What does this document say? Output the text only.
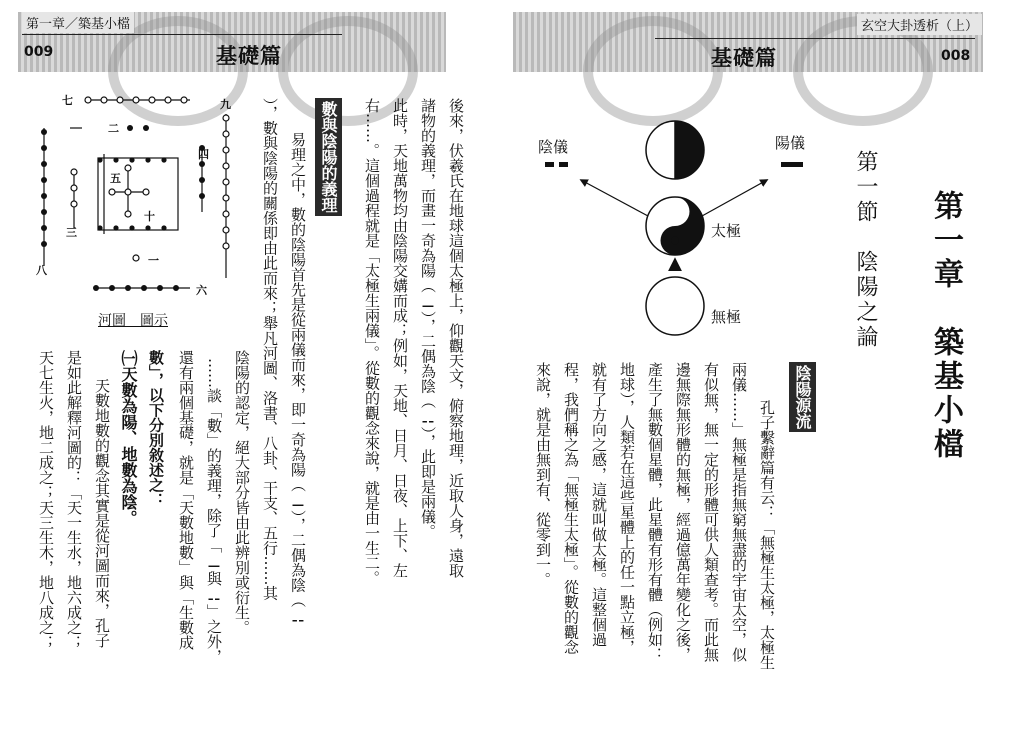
第一章／築基小檔
009	基礎篇
後來，伏羲氏在地球這個太極上，仰觀天文，俯察地理，近取人身，遠取
諸物的義理，而畫一奇為陽（⚊），二偶為陰（⚋），此即是兩儀。
此時，天地萬物均由陰陽交媾而成；例如，天地、日月、日夜、上下、左
右……。這個過程就是「太極生兩儀」。從數的觀念來說，就是由一生二。
數與陰陽的義理
易理之中，數的陰陽首先是從兩儀而來，即一奇為陽（⚊），二偶為陰（⚋
），數與陰陽的關係即由此而來；舉凡河圖、洛書、八卦、干支、五行……其
陰陽的認定，絕大部分皆由此辨別或衍生。
……談「數」的義理，除了「⚊與⚋」之外，
還有兩個基礎，就是「天數地數」與「生數成
數」，以下分別敘述之：
㈠天數為陽、地數為陰。
天數地數的觀念其實是從河圖而來，孔子
是如此解釋河圖的：「天一生水，地六成之；
天七生火，地二成之；天三生木，地八成之；
七
二
五
十
一
六
八
三
四
九
河圖　圖示
玄空大卦透析（上）
008
基礎篇
第一章　築基小檔
第一節　陰陽之論
陰儀	陽儀
太極
無極
陰陽源流
孔子繫辭篇有云：「無極生太極，太極生
兩儀……」無極是指無窮無盡的宇宙太空，似
有似無，無一定的形體可供人類查考。而此無
邊無際無形體的無極，經過億萬年變化之後，
產生了無數個星體，此星體有形有體（例如：
地球），人類若在這些星體上的任一點立極，
就有了方向之感，這就叫做太極。這整個過
程，我們稱之為「無極生太極」。從數的觀念
來說，就是由無到有、從零到一。
